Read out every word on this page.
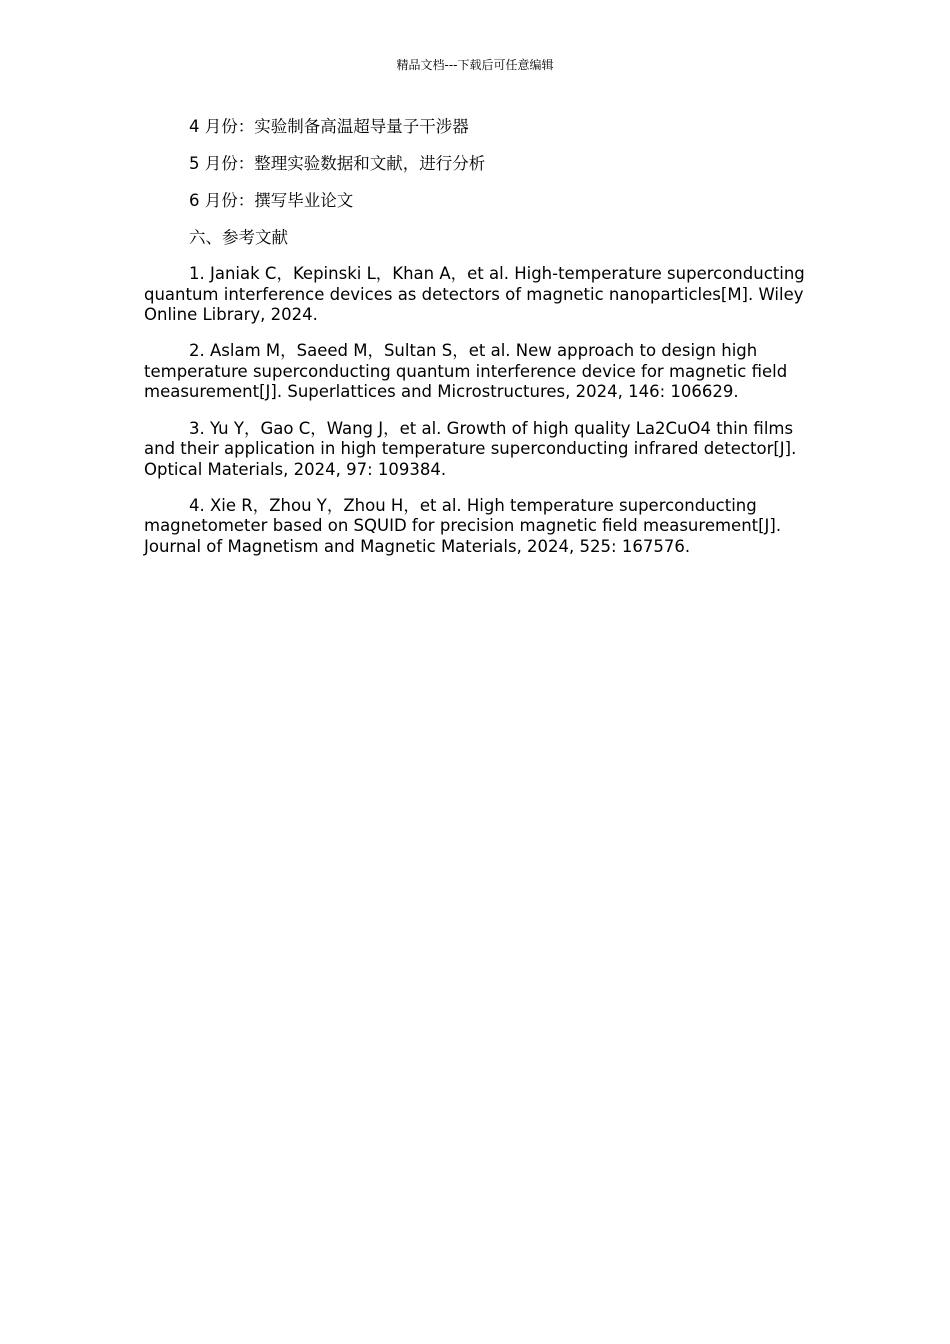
精品文档---下载后可任意编辑

4 月份：实验制备高温超导量子干涉器

5 月份：整理实验数据和文献，进行分析

6 月份：撰写毕业论文

六、参考文献

1. Janiak C，Kepinski L，Khan A，et al. High-temperature superconducting quantum interference devices as detectors of magnetic nanoparticles[M]. Wiley Online Library, 2024.

2. Aslam M，Saeed M，Sultan S，et al. New approach to design high temperature superconducting quantum interference device for magnetic field measurement[J]. Superlattices and Microstructures, 2024, 146: 106629.

3. Yu Y，Gao C，Wang J，et al. Growth of high quality La2CuO4 thin films and their application in high temperature superconducting infrared detector[J]. Optical Materials, 2024, 97: 109384.

4. Xie R，Zhou Y，Zhou H，et al. High temperature superconducting magnetometer based on SQUID for precision magnetic field measurement[J]. Journal of Magnetism and Magnetic Materials, 2024, 525: 167576.
